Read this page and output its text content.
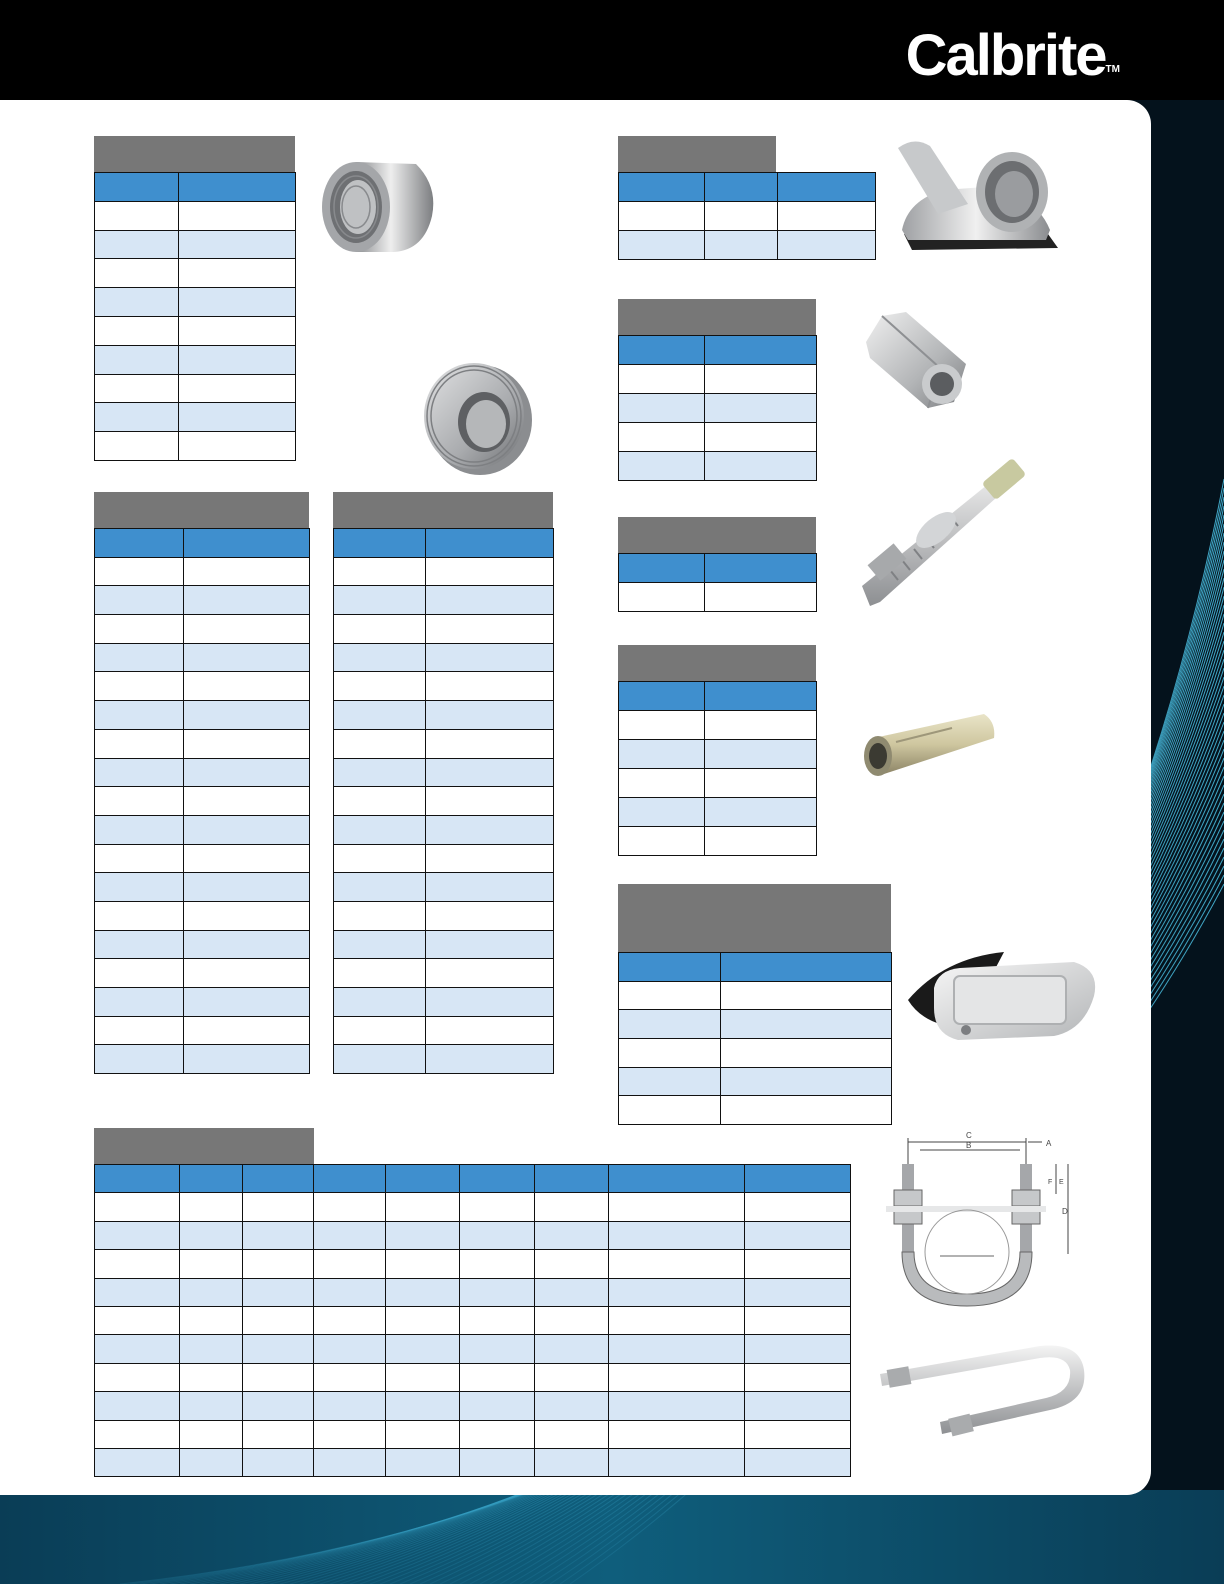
Calbrite™

C
B	A
F E
D
